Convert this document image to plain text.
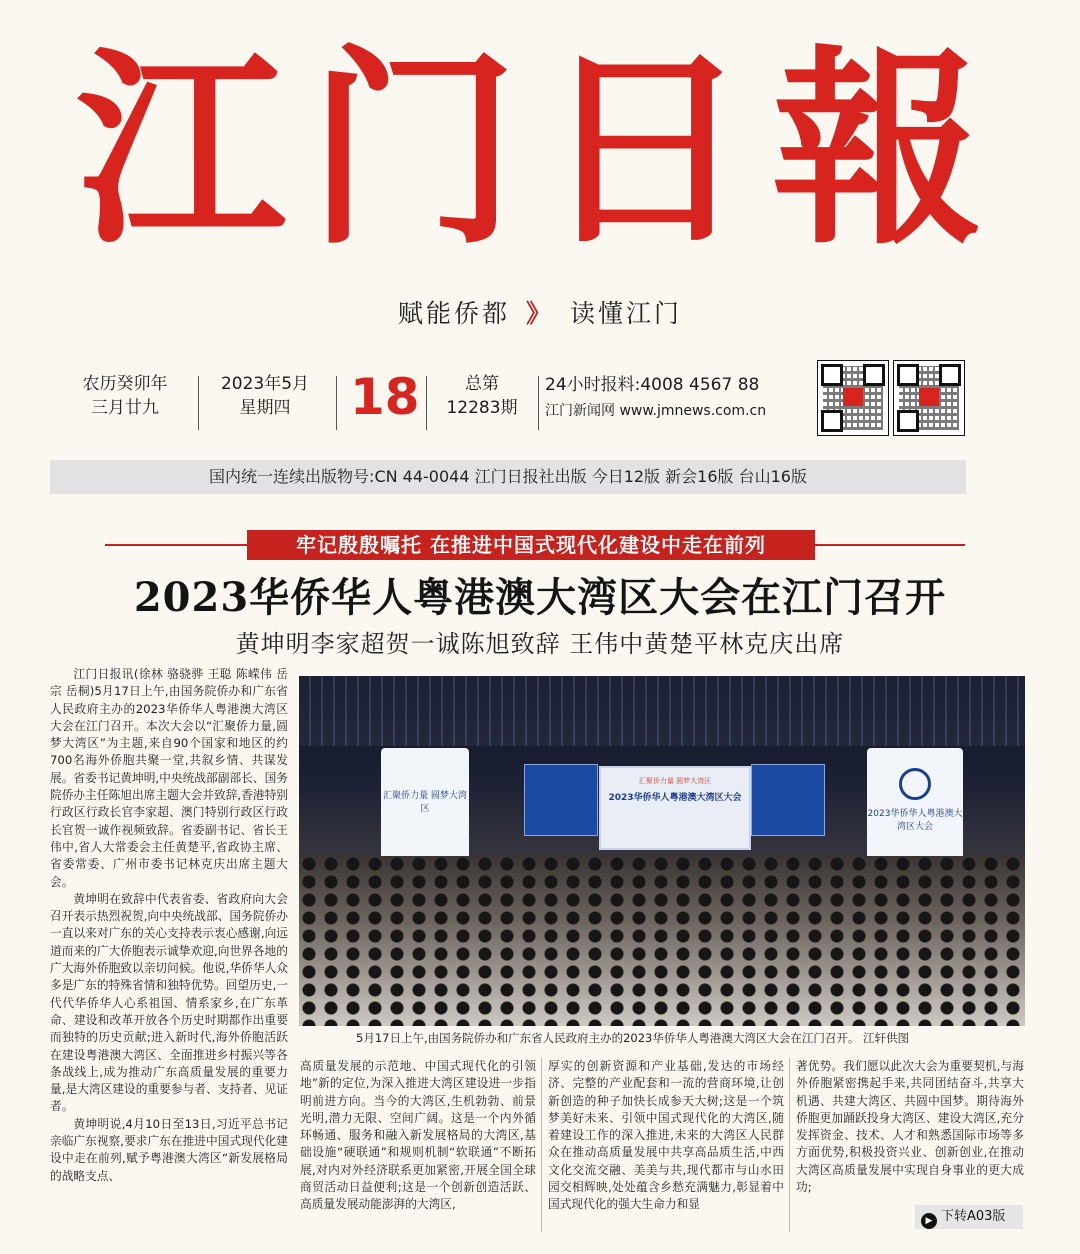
江门日報
赋能侨都 》 读懂江门
农历癸卯年
三月廿九
2023年5月
星期四	18	总第
12283期
24小时报料:4008 4567 88
江门新闻网 www.jmnews.com.cn
国内统一连续出版物号:CN 44-0044 江门日报社出版 今日12版 新会16版 台山16版
牢记殷殷嘱托 在推进中国式现代化建设中走在前列
2023华侨华人粤港澳大湾区大会在江门召开
黄坤明李家超贺一诚陈旭致辞 王伟中黄楚平林克庆出席

江门日报讯(徐林 骆骁骅 王聪 陈嵘伟 岳宗 岳桐)5月17日上午,由国务院侨办和广东省人民政府主办的2023华侨华人粤港澳大湾区大会在江门召开。本次大会以“汇聚侨力量,圆梦大湾区”为主题,来自90个国家和地区的约700名海外侨胞共聚一堂,共叙乡情、共谋发展。省委书记黄坤明,中央统战部副部长、国务院侨办主任陈旭出席主题大会并致辞,香港特别行政区行政长官李家超、澳门特别行政区行政长官贺一诚作视频致辞。省委副书记、省长王伟中,省人大常委会主任黄楚平,省政协主席、省委常委、广州市委书记林克庆出席主题大会。

黄坤明在致辞中代表省委、省政府向大会召开表示热烈祝贺,向中央统战部、国务院侨办一直以来对广东的关心支持表示衷心感谢,向远道而来的广大侨胞表示诚挚欢迎,向世界各地的广大海外侨胞致以亲切问候。他说,华侨华人众多是广东的特殊省情和独特优势。回望历史,一代代华侨华人心系祖国、情系家乡,在广东革命、建设和改革开放各个历史时期都作出重要而独特的历史贡献;进入新时代,海外侨胞活跃在建设粤港澳大湾区、全面推进乡村振兴等各条战线上,成为推动广东高质量发展的重要力量,是大湾区建设的重要参与者、支持者、见证者。

黄坤明说,4月10日至13日,习近平总书记亲临广东视察,要求广东在推进中国式现代化建设中走在前列,赋予粤港澳大湾区“新发展格局的战略支点、

汇聚侨力量 圆梦大湾区
2023华侨华人粤港澳大湾区大会
汇聚侨力量 圆梦大湾区	2023华侨华人粤港澳大湾区大会
5月17日上午,由国务院侨办和广东省人民政府主办的2023华侨华人粤港澳大湾区大会在江门召开。 江轩供图

高质量发展的示范地、中国式现代化的引领地”新的定位,为深入推进大湾区建设进一步指明前进方向。当今的大湾区,生机勃勃、前景光明,潜力无限、空间广阔。这是一个内外循环畅通、服务和融入新发展格局的大湾区,基础设施“硬联通”和规则机制“软联通”不断拓展,对内对外经济联系更加紧密,开展全国全球商贸活动日益便利;这是一个创新创造活跃、高质量发展动能澎湃的大湾区,

厚实的创新资源和产业基础,发达的市场经济、完整的产业配套和一流的营商环境,让创新创造的种子加快长成参天大树;这是一个筑梦美好未来、引领中国式现代化的大湾区,随着建设工作的深入推进,未来的大湾区人民群众在推动高质量发展中共享高品质生活,中西文化交流交融、美美与共,现代都市与山水田园交相辉映,处处蕴含乡愁充满魅力,彰显着中国式现代化的强大生命力和显

著优势。我们愿以此次大会为重要契机,与海外侨胞紧密携起手来,共同团结奋斗,共享大机遇、共建大湾区、共圆中国梦。期待海外侨胞更加踊跃投身大湾区、建设大湾区,充分发挥资金、技术、人才和熟悉国际市场等多方面优势,积极投资兴业、创新创业,在推动大湾区高质量发展中实现自身事业的更大成功;

▶ 下转A03版
